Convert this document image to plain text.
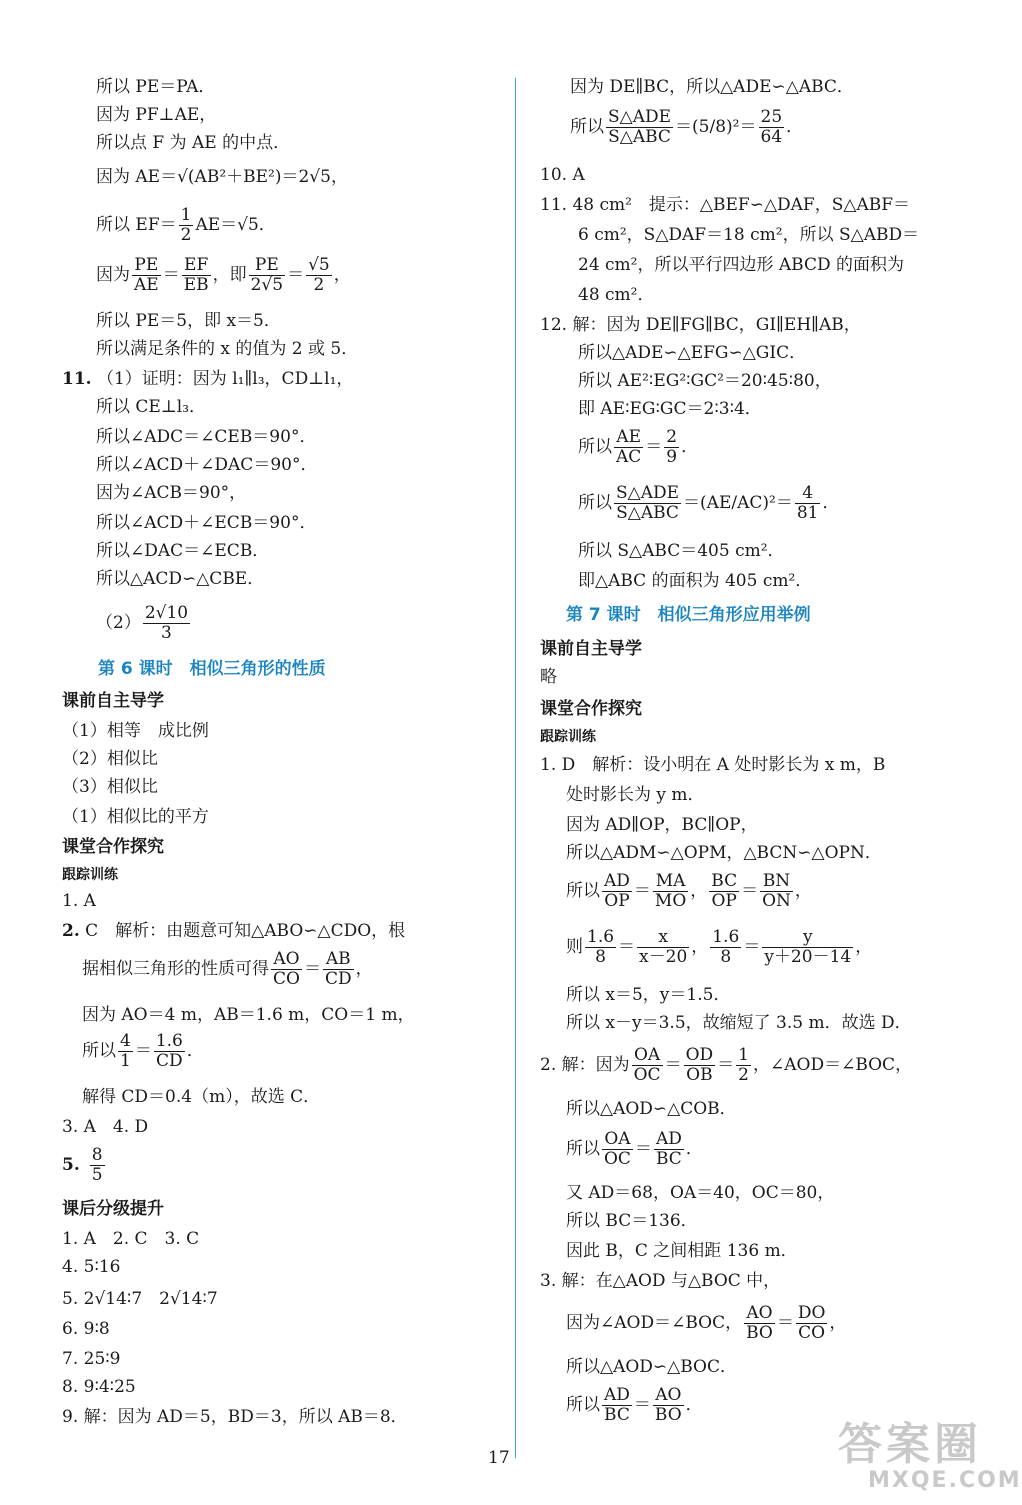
所以 PE＝PA．
因为 PF⊥AE，
所以点 F 为 AE 的中点．
因为 AE＝√(AB²＋BE²)＝2√5，
所以 $EF= \frac{1}{2} AE=√5$．
因为 $\frac{PE}{AE} = \frac{EF}{EB}$ ，即 $\frac{PE}{2√5} = \frac{√5}{2}$ ，
所以 PE＝5，即 x＝5．
所以满足条件的 x 的值为 2 或 5．
11. （1）证明：因为 l₁∥l₃，CD⊥l₁，
所以 CE⊥l₃．
所以∠ADC＝∠CEB＝90°．
所以∠ACD＋∠DAC＝90°．
因为∠ACB＝90°，
所以∠ACD＋∠ECB＝90°．
所以∠DAC＝∠ECB．
所以△ACD∽△CBE．
$(2) \frac{2√10}{3}$
第 6 课时　相似三角形的性质
课前自主导学
（1）相等　成比例
（2）相似比
（3）相似比
（1）相似比的平方
课堂合作探究
跟踪训练
1. A
2. C　解析：由题意可知△ABO∽△CDO，根
据相似三角形的性质可得 $\frac{AO}{CO} = \frac{AB}{CD}$ ，
因为 AO＝4 m，AB＝1.6 m，CO＝1 m，
所以 $\frac{4}{1} = \frac{1.6}{CD}$ ．
解得 CD＝0.4（m），故选 C．
3. A　4. D
5. $\frac{8}{5}$
课后分级提升
1. A　2. C　3. C
4. 5∶16
5. 2√14∶7　2√14∶7
6. 9∶8
7. 25∶9
8. 9∶4∶25
9. 解：因为 AD＝5，BD＝3，所以 AB＝8．
因为 DE∥BC，所以△ADE∽△ABC．
所以 $\frac{\text{S△ADE}}{\text{S△ABC}} =(5/8)^2= \frac{25}{64}$ ．
10. A
11. 48 cm²　提示：△BEF∽△DAF，S△ABF＝
6 cm²，S△DAF＝18 cm²，所以 S△ABD＝
24 cm²，所以平行四边形 ABCD 的面积为
48 cm²．
12. 解：因为 DE∥FG∥BC，GI∥EH∥AB，
所以△ADE∽△EFG∽△GIC．
所以 AE²∶EG²∶GC²＝20∶45∶80，
即 AE∶EG∶GC＝2∶3∶4．
所以 $\frac{AE}{AC} = \frac{2}{9}$ ．
所以 $\frac{\text{S△ADE}}{\text{S△ABC}} =(AE/AC)^2= \frac{4}{81}$ ．
所以 S△ABC＝405 cm²．
即△ABC 的面积为 405 cm²．
第 7 课时　相似三角形应用举例
课前自主导学
略
课堂合作探究
跟踪训练
1. D　解析：设小明在 A 处时影长为 x m，B
处时影长为 y m．
因为 AD∥OP，BC∥OP，
所以△ADM∽△OPM，△BCN∽△OPN．
所以 $\frac{AD}{OP} = \frac{MA}{MO}$ ， $\frac{BC}{OP} = \frac{BN}{ON}$ ，
则 $\frac{1.6}{8} = \frac{x}{x-20}$ ， $\frac{1.6}{8} = \frac{y}{y+20-14}$ ，
所以 x＝5，y＝1.5．
所以 x－y＝3.5，故缩短了 3.5 m．故选 D．
2. 解：因为 $\frac{OA}{OC} = \frac{OD}{OB} = \frac{1}{2}$ ，∠AOD＝∠BOC，
所以△AOD∽△COB．
所以 $\frac{OA}{OC} = \frac{AD}{BC}$ ．
又 AD＝68，OA＝40，OC＝80，
所以 BC＝136．
因此 B，C 之间相距 136 m．
3. 解：在△AOD 与△BOC 中，
因为∠AOD＝∠BOC， $\frac{AO}{BO} = \frac{DO}{CO}$ ，
所以△AOD∽△BOC．
所以 $\frac{AD}{BC} = \frac{AO}{BO}$ ．
17	答案圈
MXQE.COM
